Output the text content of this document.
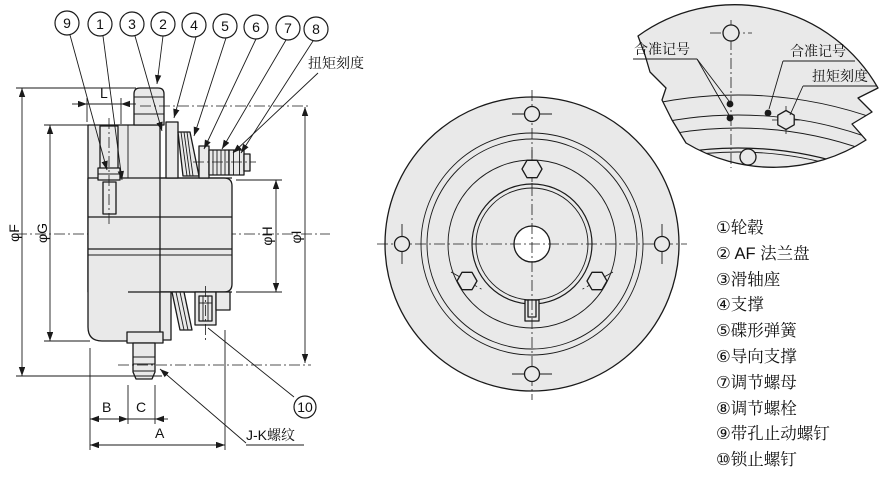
φF φG
L
φH φI
B C
A
扭矩刻度
J-K螺纹
9 1 3 2 4 5 6 7 8
10
合准记号	合准记号
扭矩刻度
①轮毂
② AF 法兰盘
③滑轴座
④支撑
⑤碟形弹簧
⑥导向支撑
⑦调节螺母
⑧调节螺栓
⑨带孔止动螺钉
⑩锁止螺钉
